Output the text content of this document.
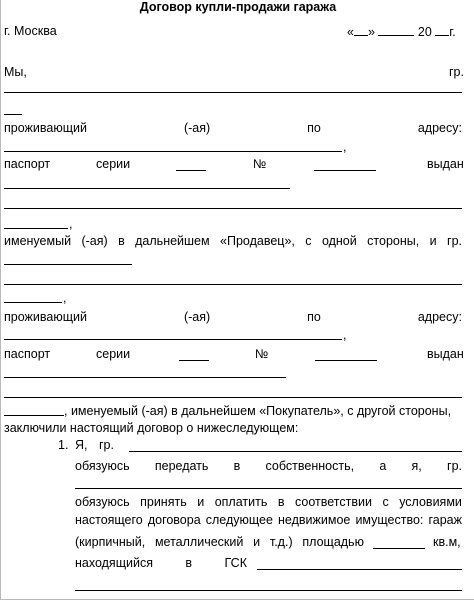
Договор купли-продажи гаража
г. Москва	« »	20 г.
Мы,	гр.
проживающий	(-ая)	по	адресу:
,
паспорт	серии	№	выдан
,
именуемый (-ая) в дальнейшем «Продавец», с одной стороны, и гр.
,
проживающий	(-ая)	по	адресу:
,
паспорт	серии	№	выдан
, именуемый (-ая) в дальнейшем «Покупатель», с другой стороны,
заключили настоящий договор о нижеследующем:
1. Я, гр.
обязуюсь передать в собственность, а я, гр.
обязуюсь принять и оплатить в соответствии с условиями
настоящего договора следующее недвижимое имущество: гараж
(кирпичный, металлический и т.д.) площадью	кв.м,
находящийся	в	ГСК
